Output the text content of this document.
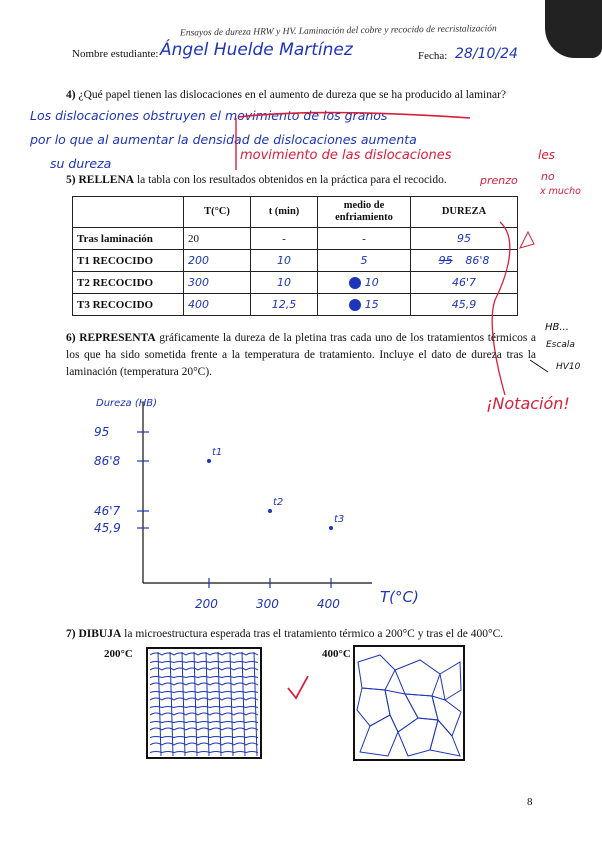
Ensayos de dureza HRW y HV. Laminación del cobre y recocido de recristalización
Nombre estudiante: Ángel Huelde Martínez	Fecha: 28/10/24
4) ¿Qué papel tienen las dislocaciones en el aumento de dureza que se ha producido al laminar?
Los dislocaciones obstruyen el movimiento de los granos
por lo que al aumentar la densidad de dislocaciones aumenta
su dureza
movimiento de las dislocaciones	les
prenzo no
x mucho
5) RELLENA la tabla con los resultados obtenidos en la práctica para el recocido.
	T(°C)	t (min)	medio de enfriamiento	DUREZA
Tras laminación	20	-	-	95
T1 RECOCIDO	200	10	5	95 86'8
T2 RECOCIDO	300	10	10	46'7
T3 RECOCIDO	400	12,5	15	45,9
HB...
Escala
HV10
¡Notación!
6) REPRESENTA gráficamente la dureza de la pletina tras cada uno de los tratamientos térmicos a los que ha sido sometida frente a la temperatura de tratamiento. Incluye el dato de dureza tras la laminación (temperatura 20°C).
Dureza (HB)
T(°C)
200	300	400
95
86'8
46'7
45,9
t1
t2
t3
7) DIBUJA la microestructura esperada tras el tratamiento térmico a 200°C y tras el de 400°C.
200°C	400°C
8
